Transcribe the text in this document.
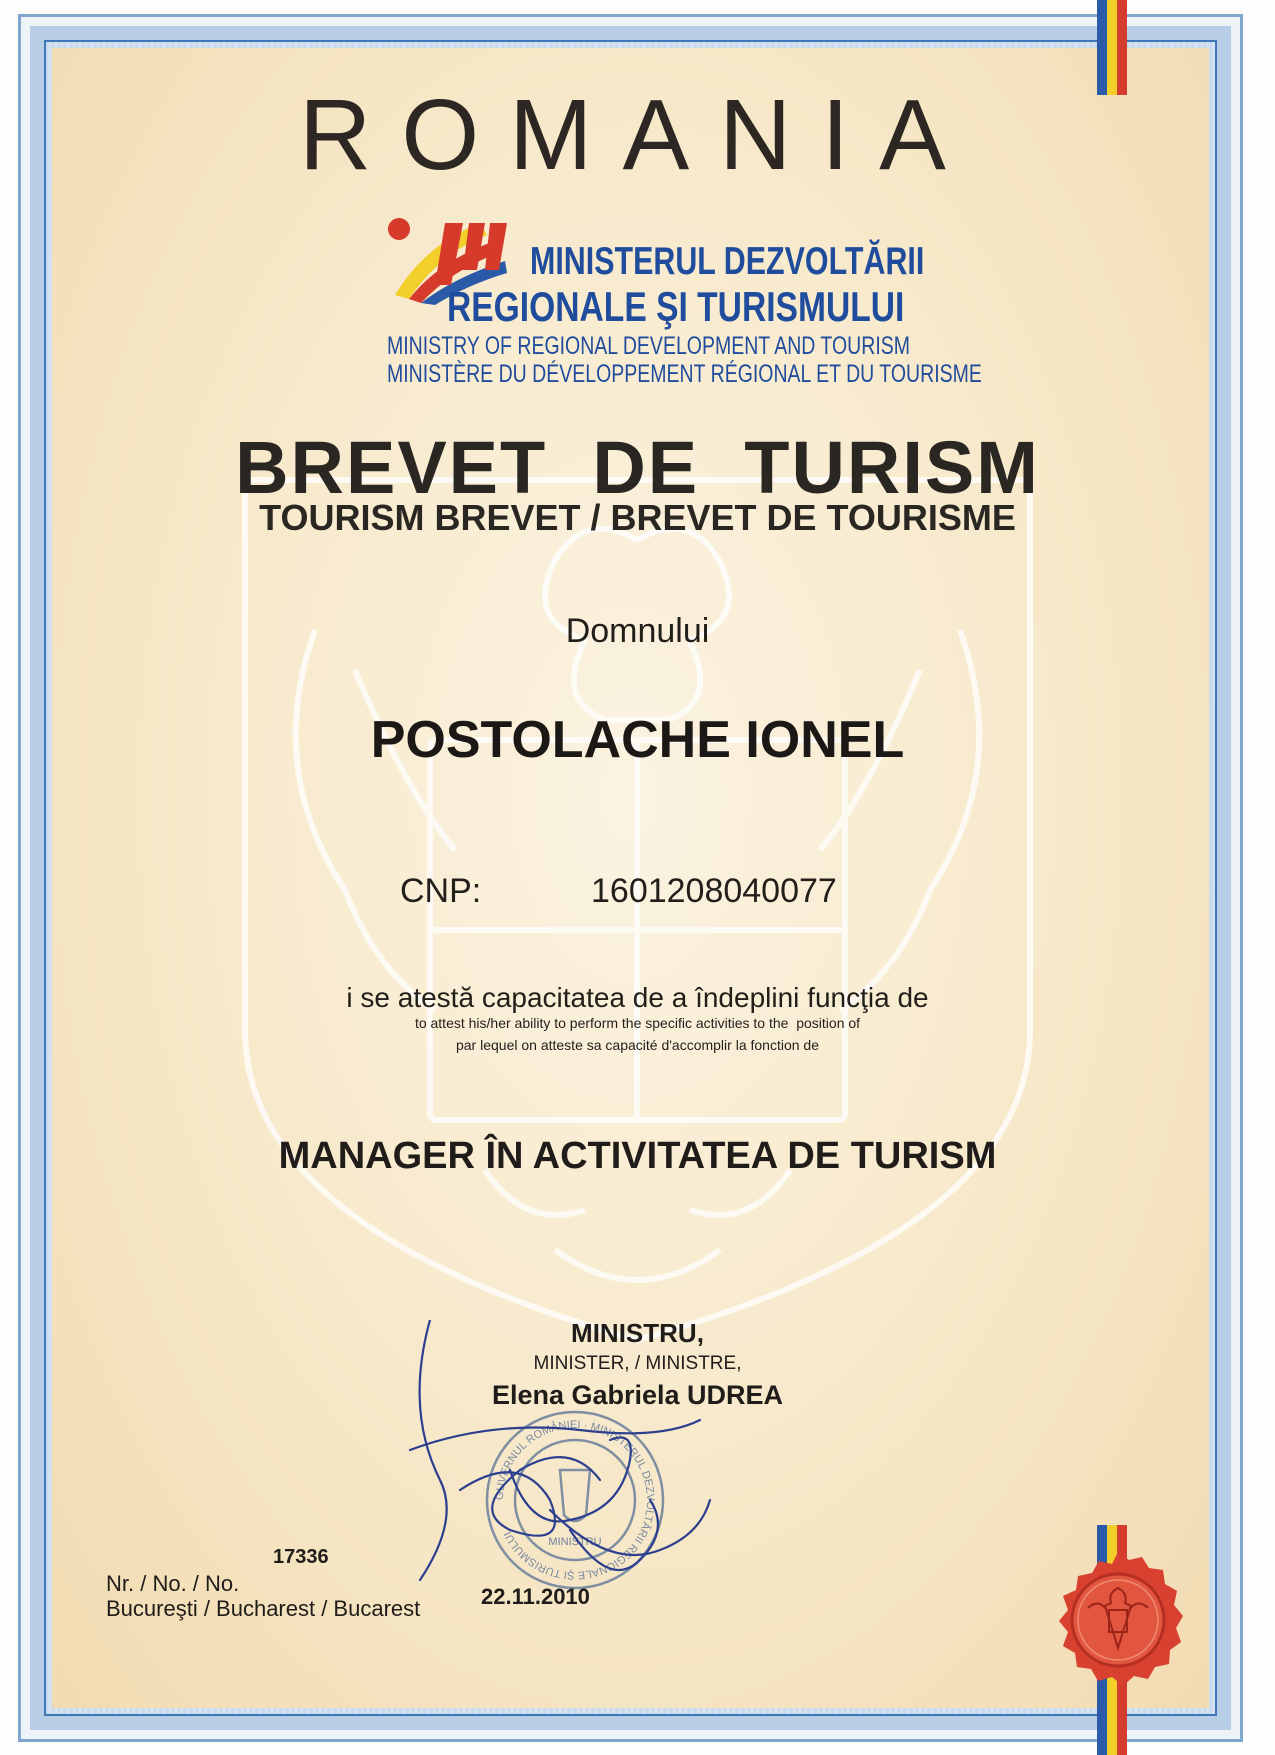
ROMANIA
MINISTERUL DEZVOLTĂRII
REGIONALE ŞI TURISMULUI
MINISTRY OF REGIONAL DEVELOPMENT AND TOURISM
MINISTÈRE DU DÉVELOPPEMENT RÉGIONAL ET DU TOURISME
BREVET  DE  TURISM
TOURISM BREVET / BREVET DE TOURISME
Domnului
POSTOLACHE IONEL
CNP:	1601208040077
i se atestă capacitatea de a îndeplini funcţia de
to attest his/her ability to perform the specific activities to the  position of
par lequel on atteste sa capacité d'accomplir la fonction de
MANAGER ÎN ACTIVITATEA DE TURISM
MINISTRU,
MINISTER, / MINISTRE,
Elena Gabriela UDREA
GUVERNUL ROMÂNIEI · MINISTERUL DEZVOLTĂRII REGIONALE ŞI TURISMULUI
MINISTRU
17336
Nr. / No. / No.
Bucureşti / Bucharest / Bucarest	22.11.2010
